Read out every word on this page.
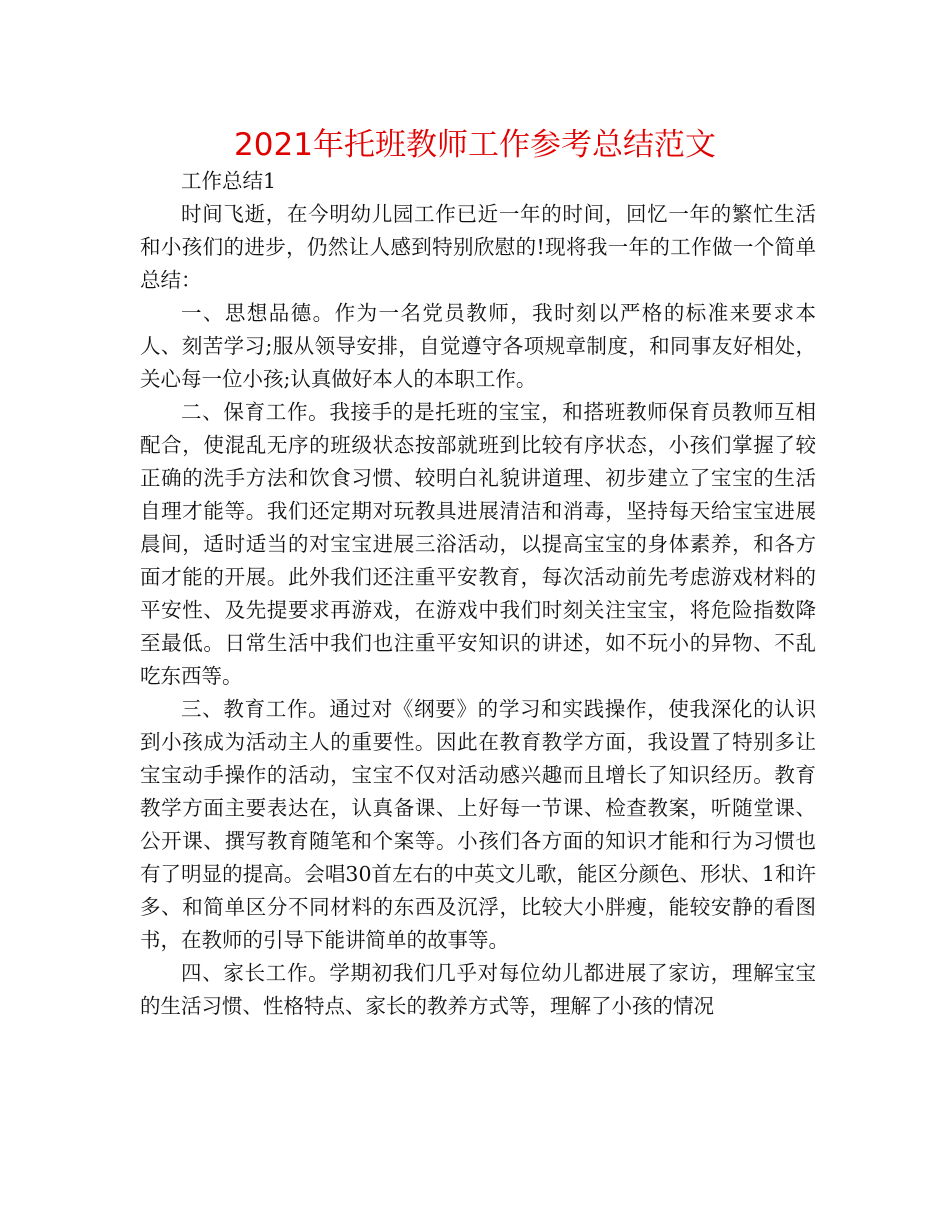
2021年托班教师工作参考总结范文

工作总结1

时间飞逝，在今明幼儿园工作已近一年的时间，回忆一年的繁忙生活和小孩们的进步，仍然让人感到特别欣慰的!现将我一年的工作做一个简单总结：

一、思想品德。作为一名党员教师，我时刻以严格的标准来要求本人、刻苦学习;服从领导安排，自觉遵守各项规章制度，和同事友好相处，关心每一位小孩;认真做好本人的本职工作。

二、保育工作。我接手的是托班的宝宝，和搭班教师保育员教师互相配合，使混乱无序的班级状态按部就班到比较有序状态，小孩们掌握了较正确的洗手方法和饮食习惯、较明白礼貌讲道理、初步建立了宝宝的生活自理才能等。我们还定期对玩教具进展清洁和消毒，坚持每天给宝宝进展晨间，适时适当的对宝宝进展三浴活动，以提高宝宝的身体素养，和各方面才能的开展。此外我们还注重平安教育，每次活动前先考虑游戏材料的平安性、及先提要求再游戏，在游戏中我们时刻关注宝宝，将危险指数降至最低。日常生活中我们也注重平安知识的讲述，如不玩小的异物、不乱吃东西等。

三、教育工作。通过对《纲要》的学习和实践操作，使我深化的认识到小孩成为活动主人的重要性。因此在教育教学方面，我设置了特别多让宝宝动手操作的活动，宝宝不仅对活动感兴趣而且增长了知识经历。教育教学方面主要表达在，认真备课、上好每一节课、检查教案，听随堂课、公开课、撰写教育随笔和个案等。小孩们各方面的知识才能和行为习惯也有了明显的提高。会唱30首左右的中英文儿歌，能区分颜色、形状、1和许多、和简单区分不同材料的东西及沉浮，比较大小胖瘦，能较安静的看图书，在教师的引导下能讲简单的故事等。

四、家长工作。学期初我们几乎对每位幼儿都进展了家访，理解宝宝的生活习惯、性格特点、家长的教养方式等，理解了小孩的情况
